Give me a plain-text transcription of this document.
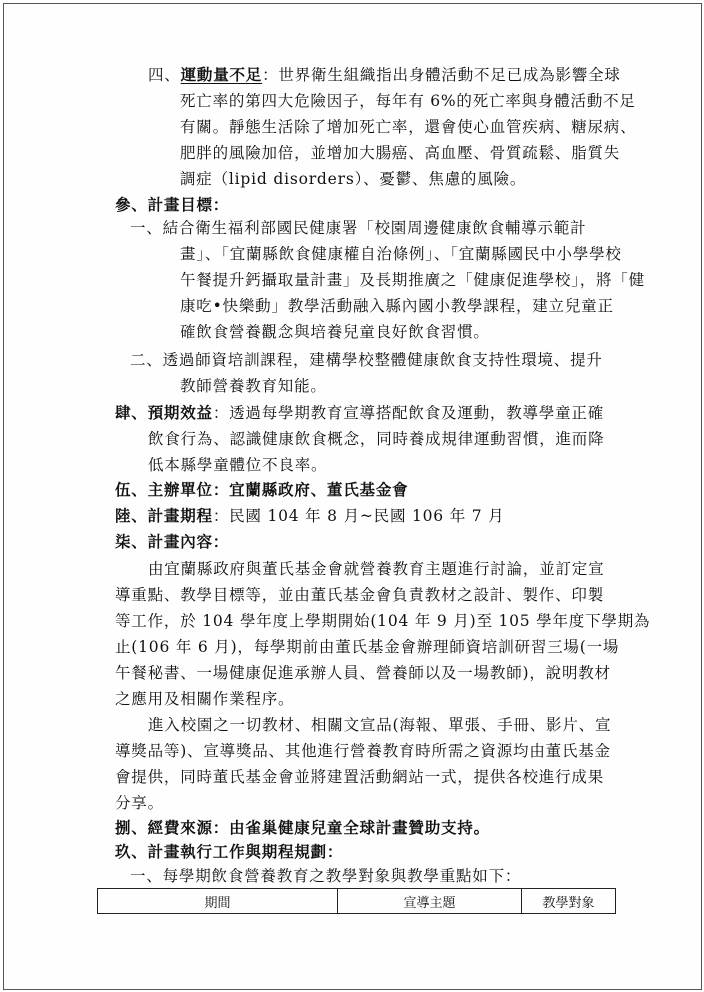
四、運動量不足：世界衛生組織指出身體活動不足已成為影響全球
死亡率的第四大危險因子，每年有 6%的死亡率與身體活動不足
有關。靜態生活除了增加死亡率，還會使心血管疾病、糖尿病、
肥胖的風險加倍，並增加大腸癌、高血壓、骨質疏鬆、脂質失
調症（lipid disorders）、憂鬱、焦慮的風險。
參、計畫目標：
一、結合衛生福利部國民健康署「校園周邊健康飲食輔導示範計
畫」、「宜蘭縣飲食健康權自治條例」、「宜蘭縣國民中小學學校
午餐提升鈣攝取量計畫」及長期推廣之「健康促進學校」，將「健
康吃•快樂動」教學活動融入縣內國小教學課程，建立兒童正
確飲食營養觀念與培養兒童良好飲食習慣。
二、透過師資培訓課程，建構學校整體健康飲食支持性環境、提升
教師營養教育知能。
肆、預期效益：透過每學期教育宣導搭配飲食及運動，教導學童正確
飲食行為、認識健康飲食概念，同時養成規律運動習慣，進而降
低本縣學童體位不良率。
伍、主辦單位：宜蘭縣政府、董氏基金會
陸、計畫期程：民國 104 年 8 月~民國 106 年 7 月
柒、計畫內容：
由宜蘭縣政府與董氏基金會就營養教育主題進行討論，並訂定宣
導重點、教學目標等，並由董氏基金會負責教材之設計、製作、印製
等工作，於 104 學年度上學期開始(104 年 9 月)至 105 學年度下學期為
止(106 年 6 月)，每學期前由董氏基金會辦理師資培訓研習三場(一場
午餐秘書、一場健康促進承辦人員、營養師以及一場教師)，說明教材
之應用及相關作業程序。
進入校園之一切教材、相關文宣品(海報、單張、手冊、影片、宣
導獎品等)、宣導獎品、其他進行營養教育時所需之資源均由董氏基金
會提供，同時董氏基金會並將建置活動網站一式，提供各校進行成果
分享。
捌、經費來源：由雀巢健康兒童全球計畫贊助支持。
玖、計畫執行工作與期程規劃：
一、每學期飲食營養教育之教學對象與教學重點如下：
期間	宣導主題	教學對象
